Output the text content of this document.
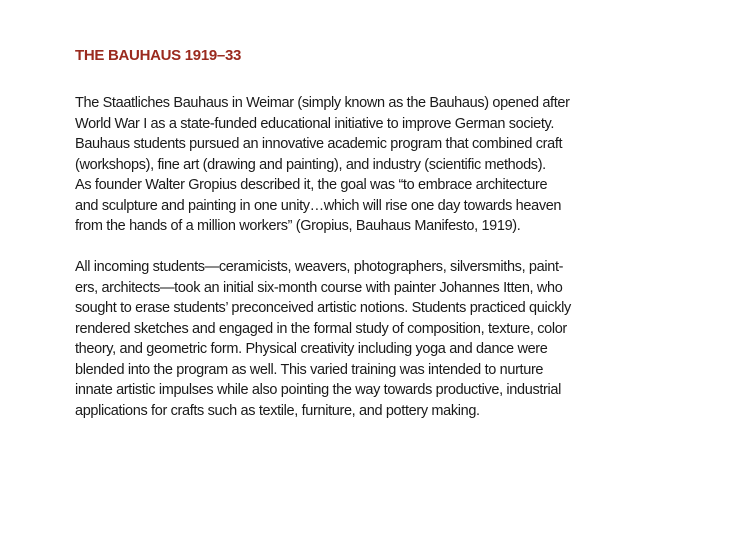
THE BAUHAUS 1919–33

The Staatliches Bauhaus in Weimar (simply known as the Bauhaus) opened after
World War I as a state-funded educational initiative to improve German society.
Bauhaus students pursued an innovative academic program that combined craft
(workshops), fine art (drawing and painting), and industry (scientific methods).
As founder Walter Gropius described it, the goal was “to embrace architecture
and sculpture and painting in one unity…which will rise one day towards heaven
from the hands of a million workers” (Gropius, Bauhaus Manifesto, 1919).

All incoming students—ceramicists, weavers, photographers, silversmiths, paint-
ers, architects—took an initial six-month course with painter Johannes Itten, who
sought to erase students’ preconceived artistic notions. Students practiced quickly
rendered sketches and engaged in the formal study of composition, texture, color
theory, and geometric form. Physical creativity including yoga and dance were
blended into the program as well. This varied training was intended to nurture
innate artistic impulses while also pointing the way towards productive, industrial
applications for crafts such as textile, furniture, and pottery making.
